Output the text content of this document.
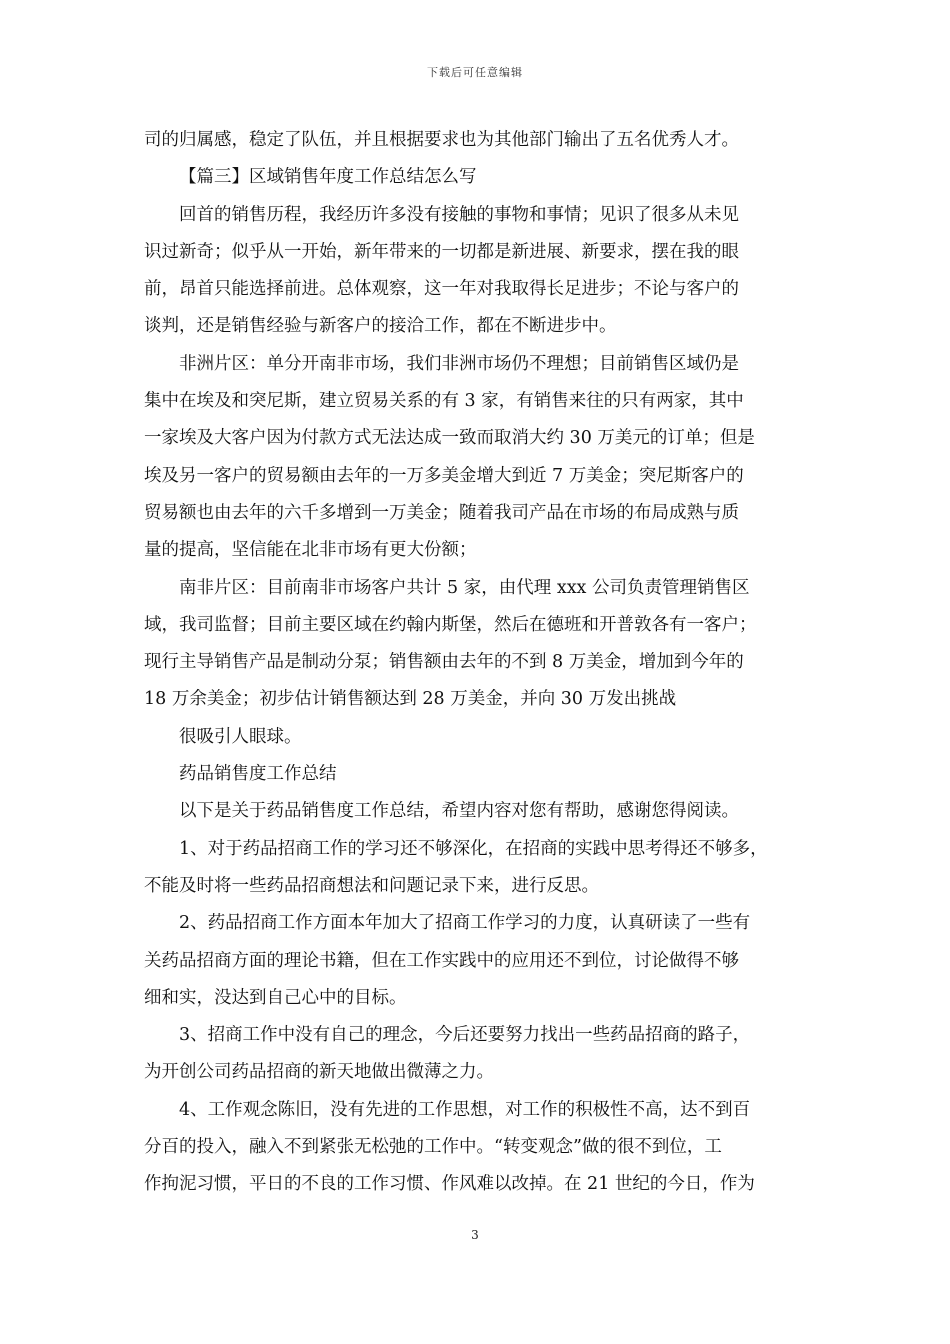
下载后可任意编辑
司的归属感，稳定了队伍，并且根据要求也为其他部门输出了五名优秀人才。
【篇三】区域销售年度工作总结怎么写
回首的销售历程，我经历许多没有接触的事物和事情；见识了很多从未见
识过新奇；似乎从一开始，新年带来的一切都是新进展、新要求，摆在我的眼
前，昂首只能选择前进。总体观察，这一年对我取得长足进步；不论与客户的
谈判，还是销售经验与新客户的接洽工作，都在不断进步中。
非洲片区：单分开南非市场，我们非洲市场仍不理想；目前销售区域仍是
集中在埃及和突尼斯，建立贸易关系的有 3 家，有销售来往的只有两家，其中
一家埃及大客户因为付款方式无法达成一致而取消大约 30 万美元的订单；但是
埃及另一客户的贸易额由去年的一万多美金增大到近 7 万美金；突尼斯客户的
贸易额也由去年的六千多增到一万美金；随着我司产品在市场的布局成熟与质
量的提高，坚信能在北非市场有更大份额；
南非片区：目前南非市场客户共计 5 家，由代理 xxx 公司负责管理销售区
域，我司监督；目前主要区域在约翰内斯堡，然后在德班和开普敦各有一客户；
现行主导销售产品是制动分泵；销售额由去年的不到 8 万美金，增加到今年的
18 万余美金；初步估计销售额达到 28 万美金，并向 30 万发出挑战
很吸引人眼球。
药品销售度工作总结
以下是关于药品销售度工作总结，希望内容对您有帮助，感谢您得阅读。
1、对于药品招商工作的学习还不够深化，在招商的实践中思考得还不够多，
不能及时将一些药品招商想法和问题记录下来，进行反思。
2、药品招商工作方面本年加大了招商工作学习的力度，认真研读了一些有
关药品招商方面的理论书籍，但在工作实践中的应用还不到位，讨论做得不够
细和实，没达到自己心中的目标。
3、招商工作中没有自己的理念，今后还要努力找出一些药品招商的路子，
为开创公司药品招商的新天地做出微薄之力。
4、工作观念陈旧，没有先进的工作思想，对工作的积极性不高，达不到百
分百的投入，融入不到紧张无松弛的工作中。“转变观念”做的很不到位，工
作拘泥习惯，平日的不良的工作习惯、作风难以改掉。在 21 世纪的今日，作为
3
